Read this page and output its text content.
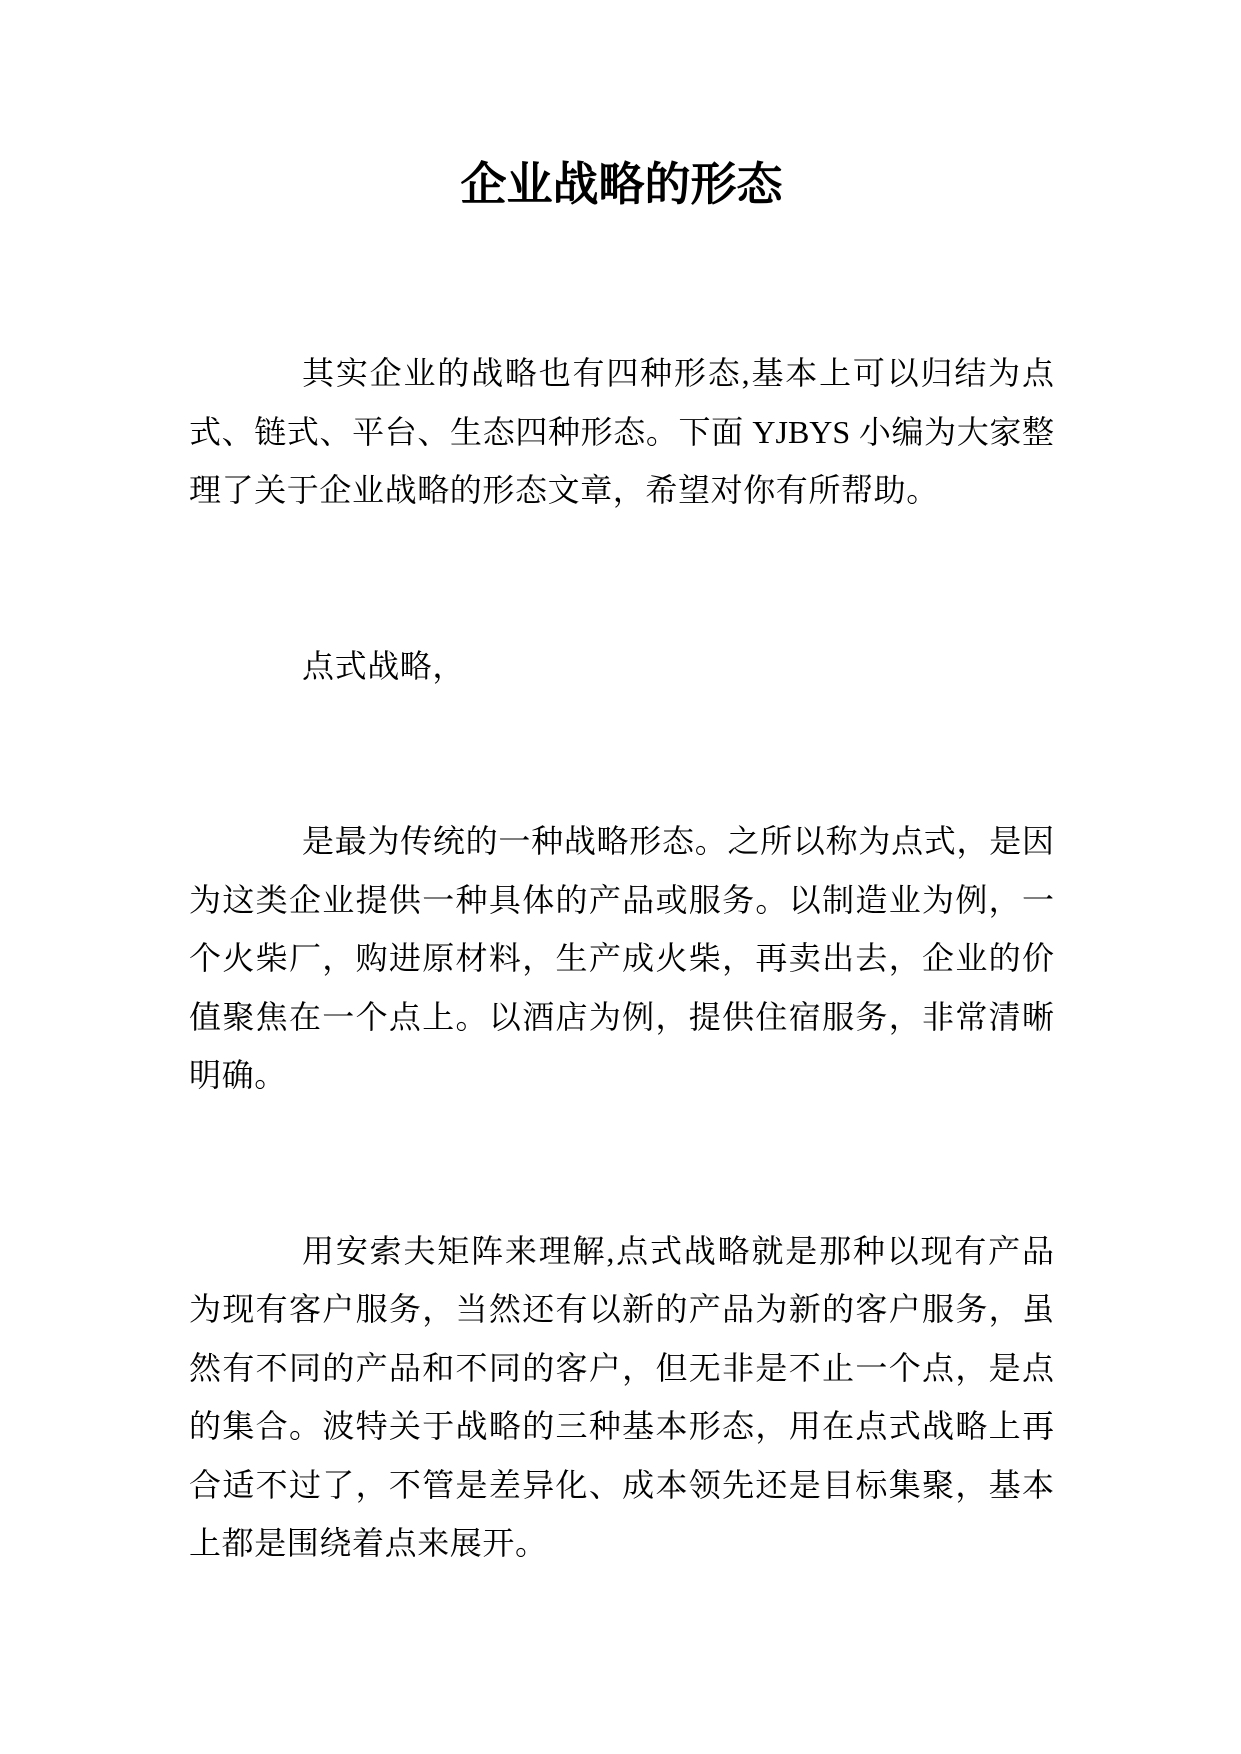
企业战略的形态
其实企业的战略也有四种形态,基本上可以归结为点
式、链式、平台、生态四种形态。下面 YJBYS 小编为大家整
理了关于企业战略的形态文章，希望对你有所帮助。
点式战略，
是最为传统的一种战略形态。之所以称为点式，是因
为这类企业提供一种具体的产品或服务。以制造业为例，一
个火柴厂，购进原材料，生产成火柴，再卖出去，企业的价
值聚焦在一个点上。以酒店为例，提供住宿服务，非常清晰
明确。
用安索夫矩阵来理解,点式战略就是那种以现有产品
为现有客户服务，当然还有以新的产品为新的客户服务，虽
然有不同的产品和不同的客户，但无非是不止一个点，是点
的集合。波特关于战略的三种基本形态，用在点式战略上再
合适不过了，不管是差异化、成本领先还是目标集聚，基本
上都是围绕着点来展开。
